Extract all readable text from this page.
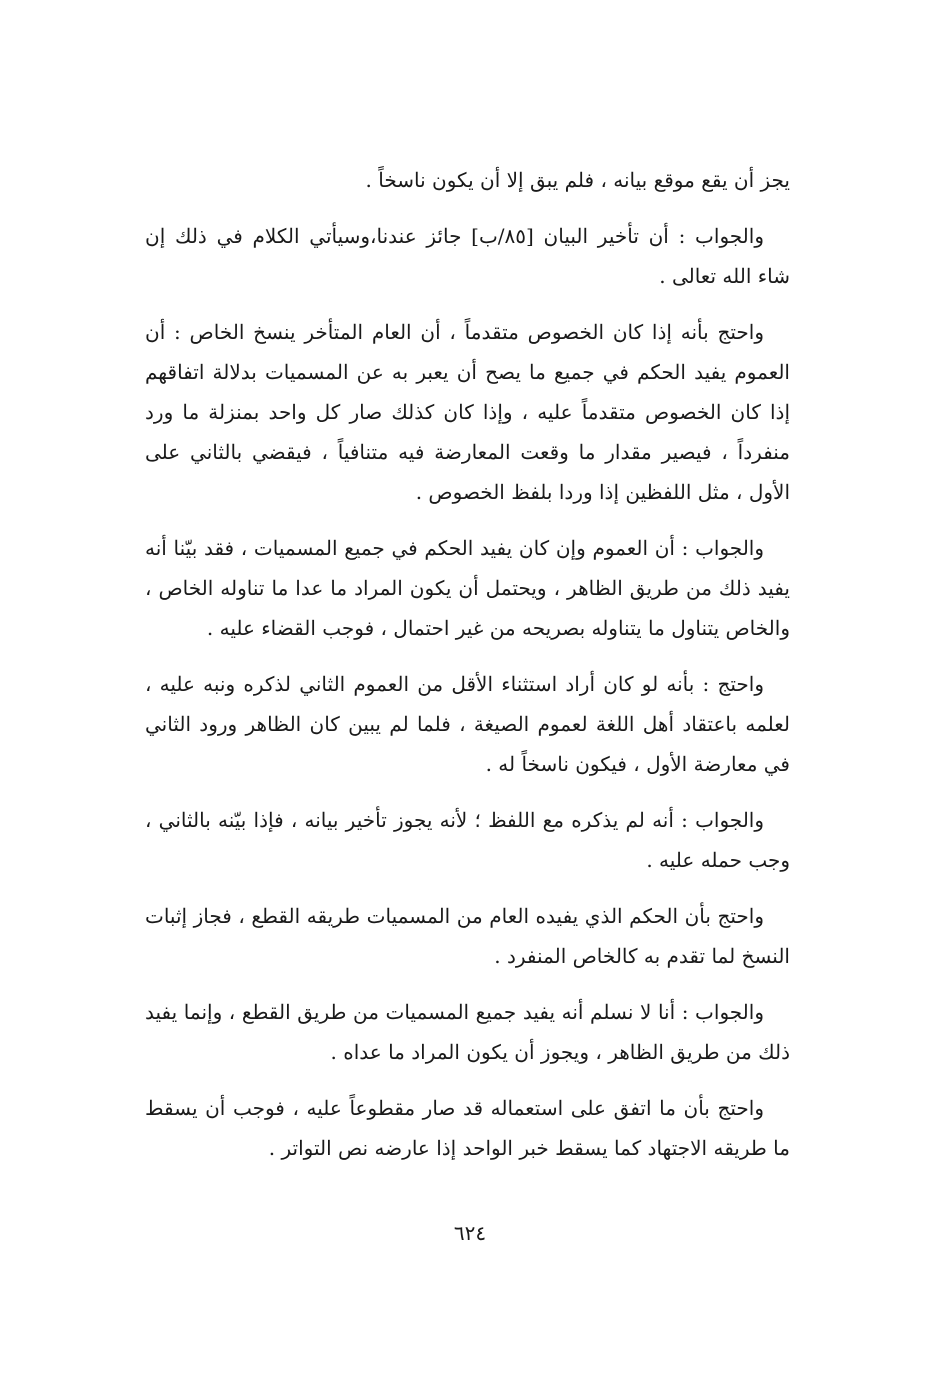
يجز أن يقع موقع بيانه ، فلم يبق إلا أن يكون ناسخاً .

والجواب : أن تأخير البيان [٨٥/ب] جائز عندنا،وسيأتي الكلام في ذلك إن شاء الله تعالى .

واحتج بأنه إذا كان الخصوص متقدماً ، أن العام المتأخر ينسخ الخاص : أن العموم يفيد الحكم في جميع ما يصح أن يعبر به عن المسميات بدلالة اتفاقهم إذا كان الخصوص متقدماً عليه ، وإذا كان كذلك صار كل واحد بمنزلة ما ورد منفرداً ، فيصير مقدار ما وقعت المعارضة فيه متنافياً ، فيقضي بالثاني على الأول ، مثل اللفظين إذا وردا بلفظ الخصوص .

والجواب : أن العموم وإن كان يفيد الحكم في جميع المسميات ، فقد بيّنا أنه يفيد ذلك من طريق الظاهر ، ويحتمل أن يكون المراد ما عدا ما تناوله الخاص ، والخاص يتناول ما يتناوله بصريحه من غير احتمال ، فوجب القضاء عليه .

واحتج : بأنه لو كان أراد استثناء الأقل من العموم الثاني لذكره ونبه عليه ، لعلمه باعتقاد أهل اللغة لعموم الصيغة ، فلما لم يبين كان الظاهر ورود الثاني في معارضة الأول ، فيكون ناسخاً له .

والجواب : أنه لم يذكره مع اللفظ ؛ لأنه يجوز تأخير بيانه ، فإذا بيّنه بالثاني ، وجب حمله عليه .

واحتج بأن الحكم الذي يفيده العام من المسميات طريقه القطع ، فجاز إثبات النسخ لما تقدم به كالخاص المنفرد .

والجواب : أنا لا نسلم أنه يفيد جميع المسميات من طريق القطع ، وإنما يفيد ذلك من طريق الظاهر ، ويجوز أن يكون المراد ما عداه .

واحتج بأن ما اتفق على استعماله قد صار مقطوعاً عليه ، فوجب أن يسقط ما طريقه الاجتهاد كما يسقط خبر الواحد إذا عارضه نص التواتر .

٦٢٤
